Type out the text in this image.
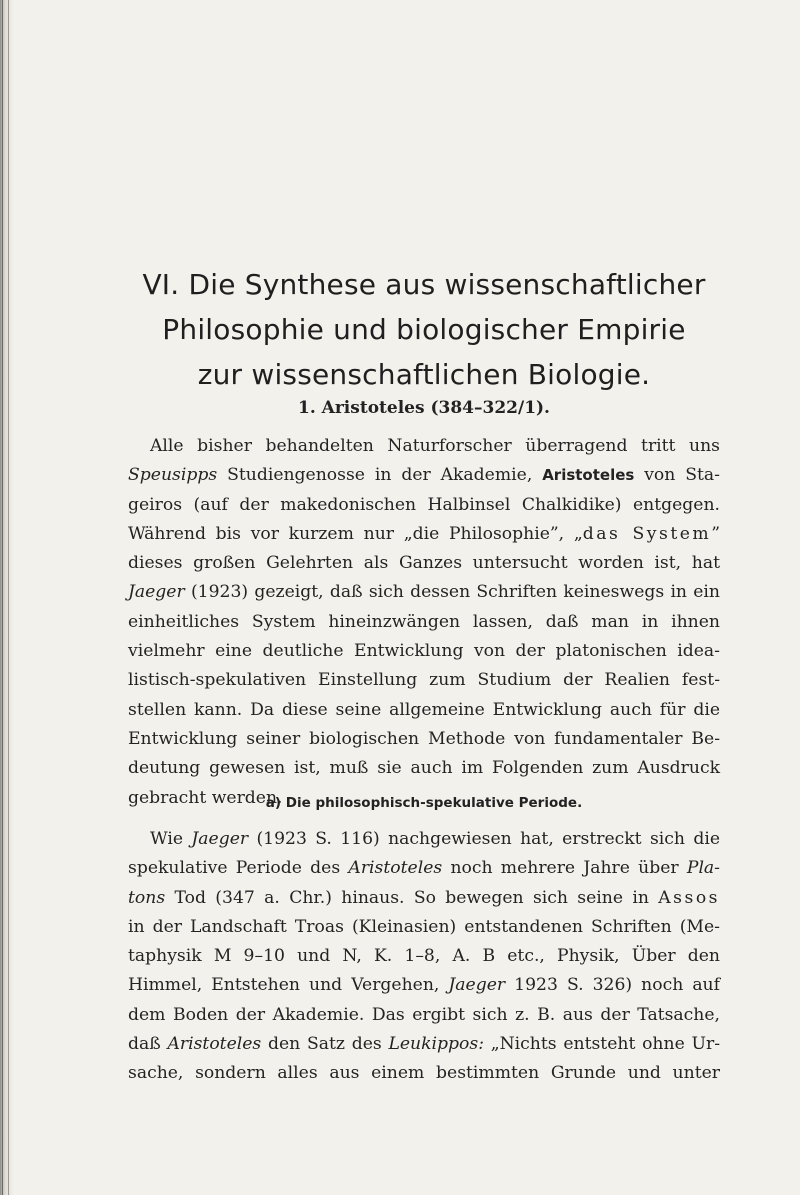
VI. Die Synthese aus wissenschaftlicher
Philosophie und biologischer Empirie
zur wissenschaftlichen Biologie.
1. Aristoteles (384–322/1).

Alle bisher behandelten Naturforscher überragend tritt uns
Speusipps Studiengenosse in der Akademie, Aristoteles von Sta-
geiros (auf der makedonischen Halbinsel Chalkidike) entgegen.
Während bis vor kurzem nur „die Philosophie”, „das System”
dieses großen Gelehrten als Ganzes untersucht worden ist, hat
Jaeger (1923) gezeigt, daß sich dessen Schriften keineswegs in ein
einheitliches System hineinzwängen lassen, daß man in ihnen
vielmehr eine deutliche Entwicklung von der platonischen idea-
listisch-spekulativen Einstellung zum Studium der Realien fest-
stellen kann. Da diese seine allgemeine Entwicklung auch für die
Entwicklung seiner biologischen Methode von fundamentaler Be-
deutung gewesen ist, muß sie auch im Folgenden zum Ausdruck
gebracht werden.

a) Die philosophisch-spekulative Periode.

Wie Jaeger (1923 S. 116) nachgewiesen hat, erstreckt sich die
spekulative Periode des Aristoteles noch mehrere Jahre über Pla-
tons Tod (347 a. Chr.) hinaus. So bewegen sich seine in Assos
in der Landschaft Troas (Kleinasien) entstandenen Schriften (Me-
taphysik M 9–10 und N, K. 1–8, A. B etc., Physik, Über den
Himmel, Entstehen und Vergehen, Jaeger 1923 S. 326) noch auf
dem Boden der Akademie. Das ergibt sich z. B. aus der Tatsache,
daß Aristoteles den Satz des Leukippos: „Nichts entsteht ohne Ur-
sache, sondern alles aus einem bestimmten Grunde und unter
